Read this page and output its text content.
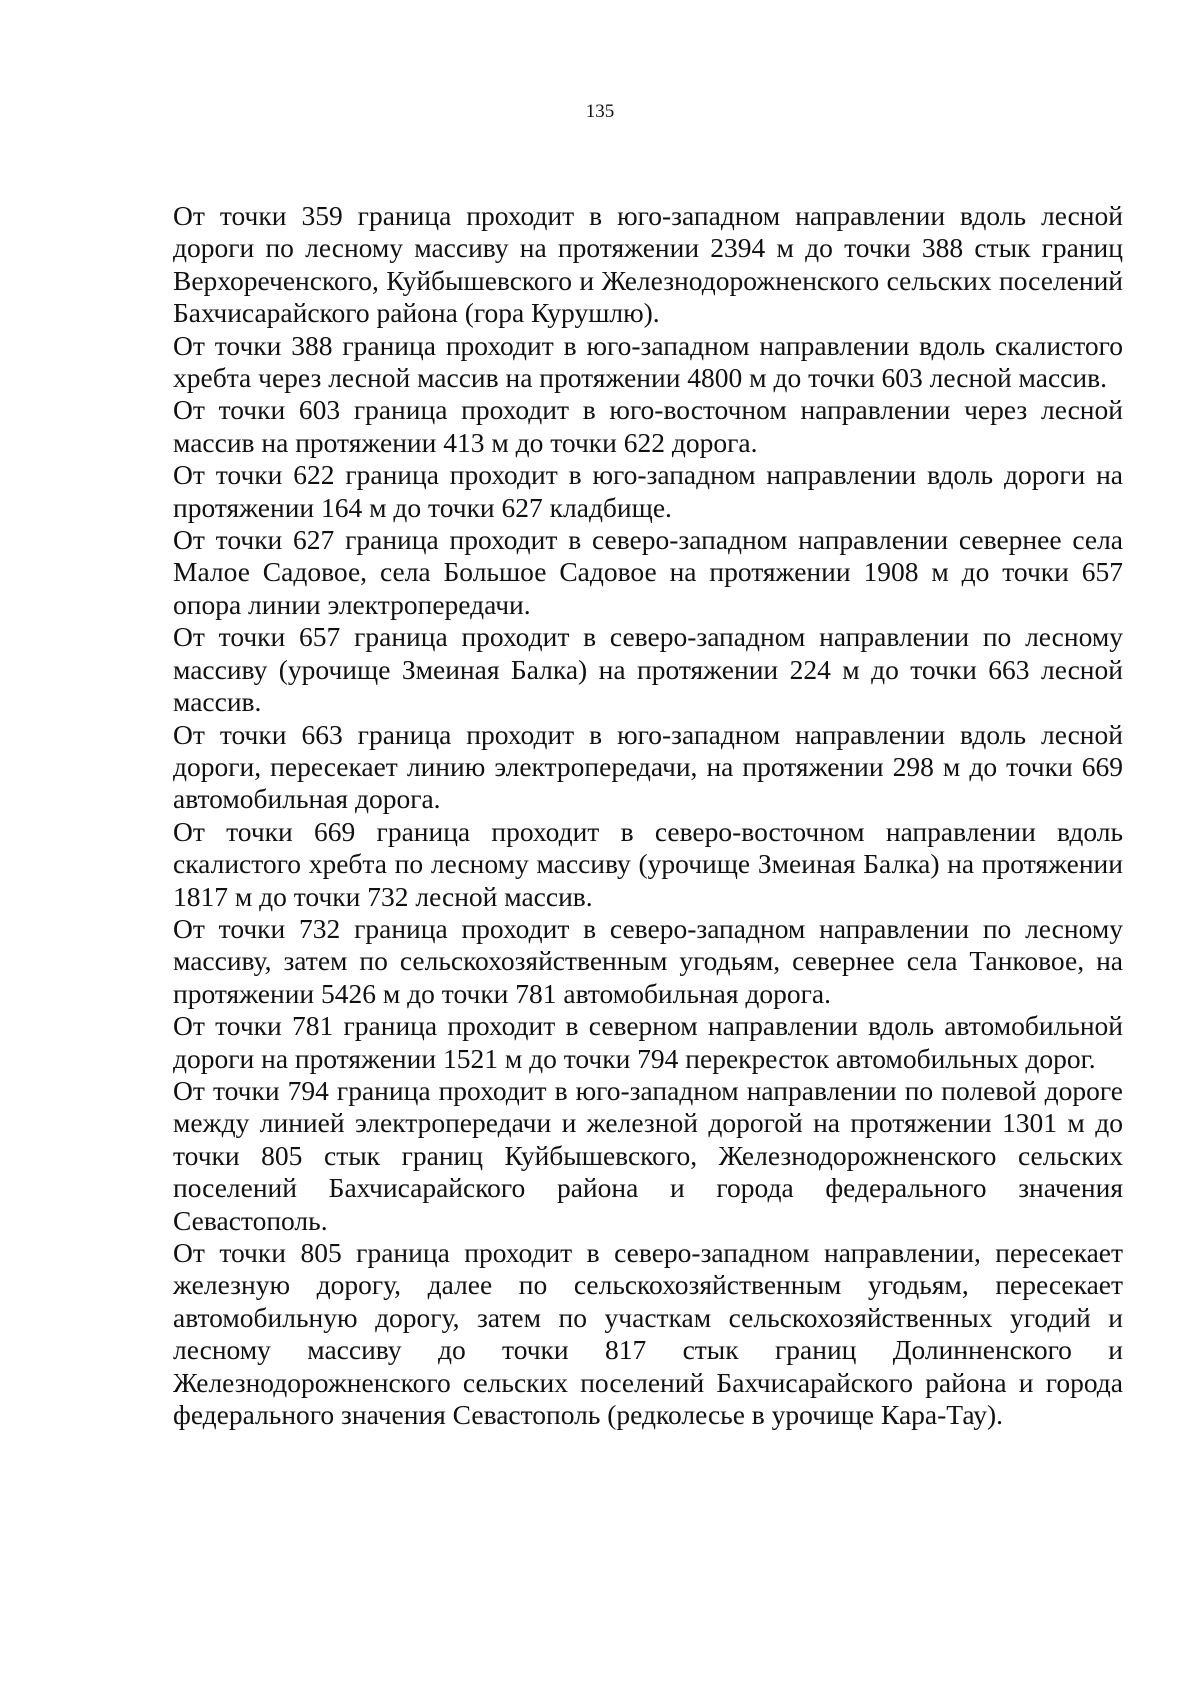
135

От точки 359 граница проходит в юго-западном направлении вдоль лесной дороги по лесному массиву на протяжении 2394 м до точки 388 стык границ Верхореченского, Куйбышевского и Железнодорожненского сельских поселений Бахчисарайского района (гора Курушлю).

От точки 388 граница проходит в юго-западном направлении вдоль скалистого хребта через лесной массив на протяжении 4800 м до точки 603 лесной массив.

От точки 603 граница проходит в юго-восточном направлении через лесной массив на протяжении 413 м до точки 622 дорога.

От точки 622 граница проходит в юго-западном направлении вдоль дороги на протяжении 164 м до точки 627 кладбище.

От точки 627 граница проходит в северо-западном направлении севернее села Малое Садовое, села Большое Садовое на протяжении 1908 м до точки 657 опора линии электропередачи.

От точки 657 граница проходит в северо-западном направлении по лесному массиву (урочище Змеиная Балка) на протяжении 224 м до точки 663 лесной массив.

От точки 663 граница проходит в юго-западном направлении вдоль лесной дороги, пересекает линию электропередачи, на протяжении 298 м до точки 669 автомобильная дорога.

От точки 669 граница проходит в северо-восточном направлении вдоль скалистого хребта по лесному массиву (урочище Змеиная Балка) на протяжении 1817 м до точки 732 лесной массив.

От точки 732 граница проходит в северо-западном направлении по лесному массиву, затем по сельскохозяйственным угодьям, севернее села Танковое, на протяжении 5426 м до точки 781 автомобильная дорога.

От точки 781 граница проходит в северном направлении вдоль автомобильной дороги на протяжении 1521 м до точки 794 перекресток автомобильных дорог.

От точки 794 граница проходит в юго-западном направлении по полевой дороге между линией электропередачи и железной дорогой на протяжении 1301 м до точки 805 стык границ Куйбышевского, Железнодорожненского сельских поселений Бахчисарайского района и города федерального значения Севастополь.

От точки 805 граница проходит в северо-западном направлении, пересекает железную дорогу, далее по сельскохозяйственным угодьям, пересекает автомобильную дорогу, затем по участкам сельскохозяйственных угодий и лесному массиву до точки 817 стык границ Долинненского и Железнодорожненского сельских поселений Бахчисарайского района и города федерального значения Севастополь (редколесье в урочище Кара-Тау).
